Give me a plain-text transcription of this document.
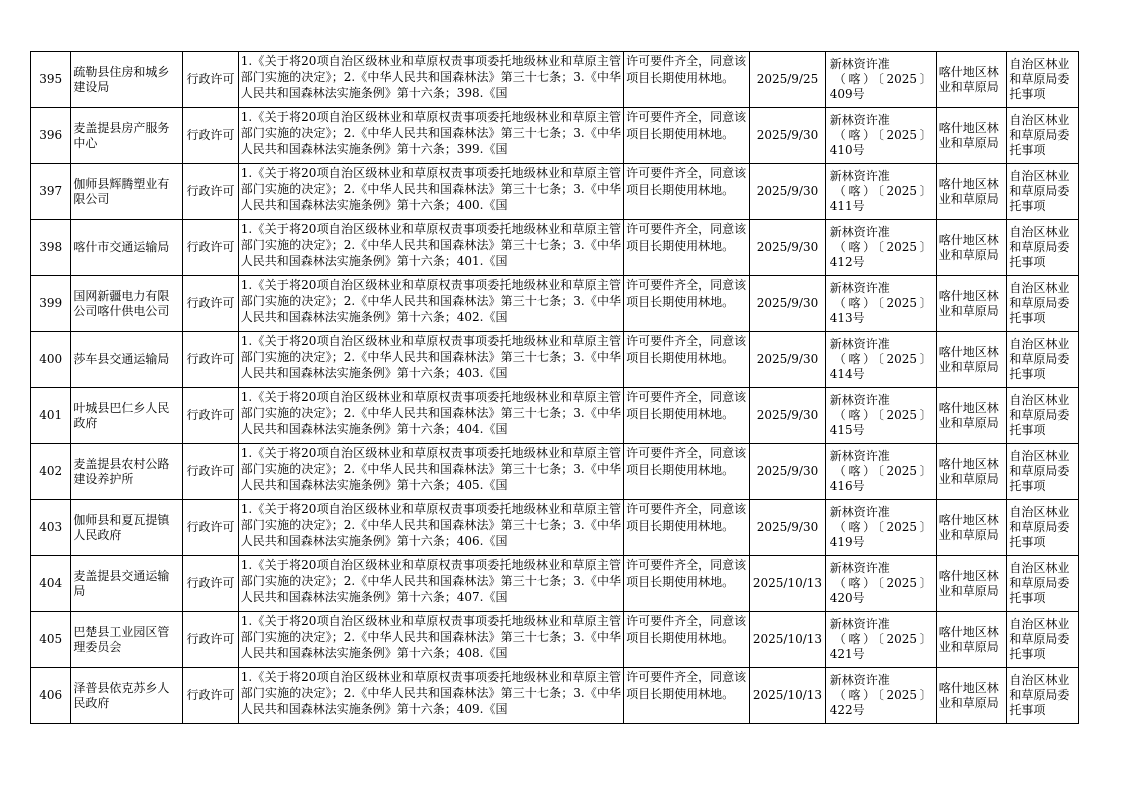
395	疏勒县住房和城乡建设局	行政许可	1.《关于将20项自治区级林业和草原权责事项委托地级林业和草原主管部门实施的决定》；2.《中华人民共和国森林法》第三十七条；3.《中华人民共和国森林法实施条例》第十六条；398.《国	许可要件齐全，同意该项目长期使用林地。	2025/9/25	新林资许准
（喀）〔2025〕
409号	喀什地区林业和草原局	自治区林业和草原局委托事项
396	麦盖提县房产服务中心	行政许可	1.《关于将20项自治区级林业和草原权责事项委托地级林业和草原主管部门实施的决定》；2.《中华人民共和国森林法》第三十七条；3.《中华人民共和国森林法实施条例》第十六条；399.《国	许可要件齐全，同意该项目长期使用林地。	2025/9/30	新林资许准
（喀）〔2025〕
410号	喀什地区林业和草原局	自治区林业和草原局委托事项
397	伽师县辉腾塑业有限公司	行政许可	1.《关于将20项自治区级林业和草原权责事项委托地级林业和草原主管部门实施的决定》；2.《中华人民共和国森林法》第三十七条；3.《中华人民共和国森林法实施条例》第十六条；400.《国	许可要件齐全，同意该项目长期使用林地。	2025/9/30	新林资许准
（喀）〔2025〕
411号	喀什地区林业和草原局	自治区林业和草原局委托事项
398	喀什市交通运输局	行政许可	1.《关于将20项自治区级林业和草原权责事项委托地级林业和草原主管部门实施的决定》；2.《中华人民共和国森林法》第三十七条；3.《中华人民共和国森林法实施条例》第十六条；401.《国	许可要件齐全，同意该项目长期使用林地。	2025/9/30	新林资许准
（喀）〔2025〕
412号	喀什地区林业和草原局	自治区林业和草原局委托事项
399	国网新疆电力有限公司喀什供电公司	行政许可	1.《关于将20项自治区级林业和草原权责事项委托地级林业和草原主管部门实施的决定》；2.《中华人民共和国森林法》第三十七条；3.《中华人民共和国森林法实施条例》第十六条；402.《国	许可要件齐全，同意该项目长期使用林地。	2025/9/30	新林资许准
（喀）〔2025〕
413号	喀什地区林业和草原局	自治区林业和草原局委托事项
400	莎车县交通运输局	行政许可	1.《关于将20项自治区级林业和草原权责事项委托地级林业和草原主管部门实施的决定》；2.《中华人民共和国森林法》第三十七条；3.《中华人民共和国森林法实施条例》第十六条；403.《国	许可要件齐全，同意该项目长期使用林地。	2025/9/30	新林资许准
（喀）〔2025〕
414号	喀什地区林业和草原局	自治区林业和草原局委托事项
401	叶城县巴仁乡人民政府	行政许可	1.《关于将20项自治区级林业和草原权责事项委托地级林业和草原主管部门实施的决定》；2.《中华人民共和国森林法》第三十七条；3.《中华人民共和国森林法实施条例》第十六条；404.《国	许可要件齐全，同意该项目长期使用林地。	2025/9/30	新林资许准
（喀）〔2025〕
415号	喀什地区林业和草原局	自治区林业和草原局委托事项
402	麦盖提县农村公路建设养护所	行政许可	1.《关于将20项自治区级林业和草原权责事项委托地级林业和草原主管部门实施的决定》；2.《中华人民共和国森林法》第三十七条；3.《中华人民共和国森林法实施条例》第十六条；405.《国	许可要件齐全，同意该项目长期使用林地。	2025/9/30	新林资许准
（喀）〔2025〕
416号	喀什地区林业和草原局	自治区林业和草原局委托事项
403	伽师县和夏瓦提镇人民政府	行政许可	1.《关于将20项自治区级林业和草原权责事项委托地级林业和草原主管部门实施的决定》；2.《中华人民共和国森林法》第三十七条；3.《中华人民共和国森林法实施条例》第十六条；406.《国	许可要件齐全，同意该项目长期使用林地。	2025/9/30	新林资许准
（喀）〔2025〕
419号	喀什地区林业和草原局	自治区林业和草原局委托事项
404	麦盖提县交通运输局	行政许可	1.《关于将20项自治区级林业和草原权责事项委托地级林业和草原主管部门实施的决定》；2.《中华人民共和国森林法》第三十七条；3.《中华人民共和国森林法实施条例》第十六条；407.《国	许可要件齐全，同意该项目长期使用林地。	2025/10/13	新林资许准
（喀）〔2025〕
420号	喀什地区林业和草原局	自治区林业和草原局委托事项
405	巴楚县工业园区管理委员会	行政许可	1.《关于将20项自治区级林业和草原权责事项委托地级林业和草原主管部门实施的决定》；2.《中华人民共和国森林法》第三十七条；3.《中华人民共和国森林法实施条例》第十六条；408.《国	许可要件齐全，同意该项目长期使用林地。	2025/10/13	新林资许准
（喀）〔2025〕
421号	喀什地区林业和草原局	自治区林业和草原局委托事项
406	泽普县依克苏乡人民政府	行政许可	1.《关于将20项自治区级林业和草原权责事项委托地级林业和草原主管部门实施的决定》；2.《中华人民共和国森林法》第三十七条；3.《中华人民共和国森林法实施条例》第十六条；409.《国	许可要件齐全，同意该项目长期使用林地。	2025/10/13	新林资许准
（喀）〔2025〕
422号	喀什地区林业和草原局	自治区林业和草原局委托事项
